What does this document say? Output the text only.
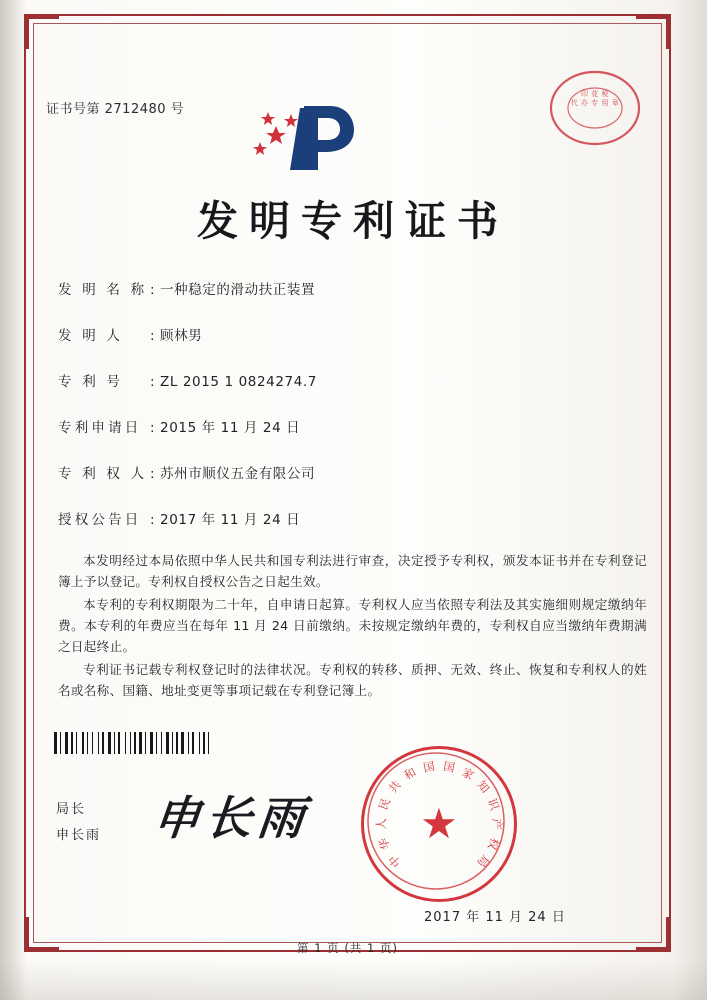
证书号第 2712480 号
印 花 税
代 办 专 用 章
发明专利证书
发 明 名 称 : 一种稳定的滑动扶正装置
发 明 人	: 顾林男
专 利 号	: ZL 2015 1 0824274.7
专利申请日 : 2015 年 11 月 24 日
专 利 权 人 : 苏州市顺仪五金有限公司
授权公告日 : 2017 年 11 月 24 日

本发明经过本局依照中华人民共和国专利法进行审查，决定授予专利权，颁发本证书并在专利登记簿上予以登记。专利权自授权公告之日起生效。

本专利的专利权期限为二十年，自申请日起算。专利权人应当依照专利法及其实施细则规定缴纳年费。本专利的年费应当在每年 11 月 24 日前缴纳。未按规定缴纳年费的，专利权自应当缴纳年费期满之日起终止。

专利证书记载专利权登记时的法律状况。专利权的转移、质押、无效、终止、恢复和专利权人的姓名或名称、国籍、地址变更等事项记载在专利登记簿上。

局长
申长雨 申长雨
中
华
人
民
共
和 国 国 家
知
识
产
权
局
★
2017 年 11 月 24 日
第 1 页 (共 1 页)
